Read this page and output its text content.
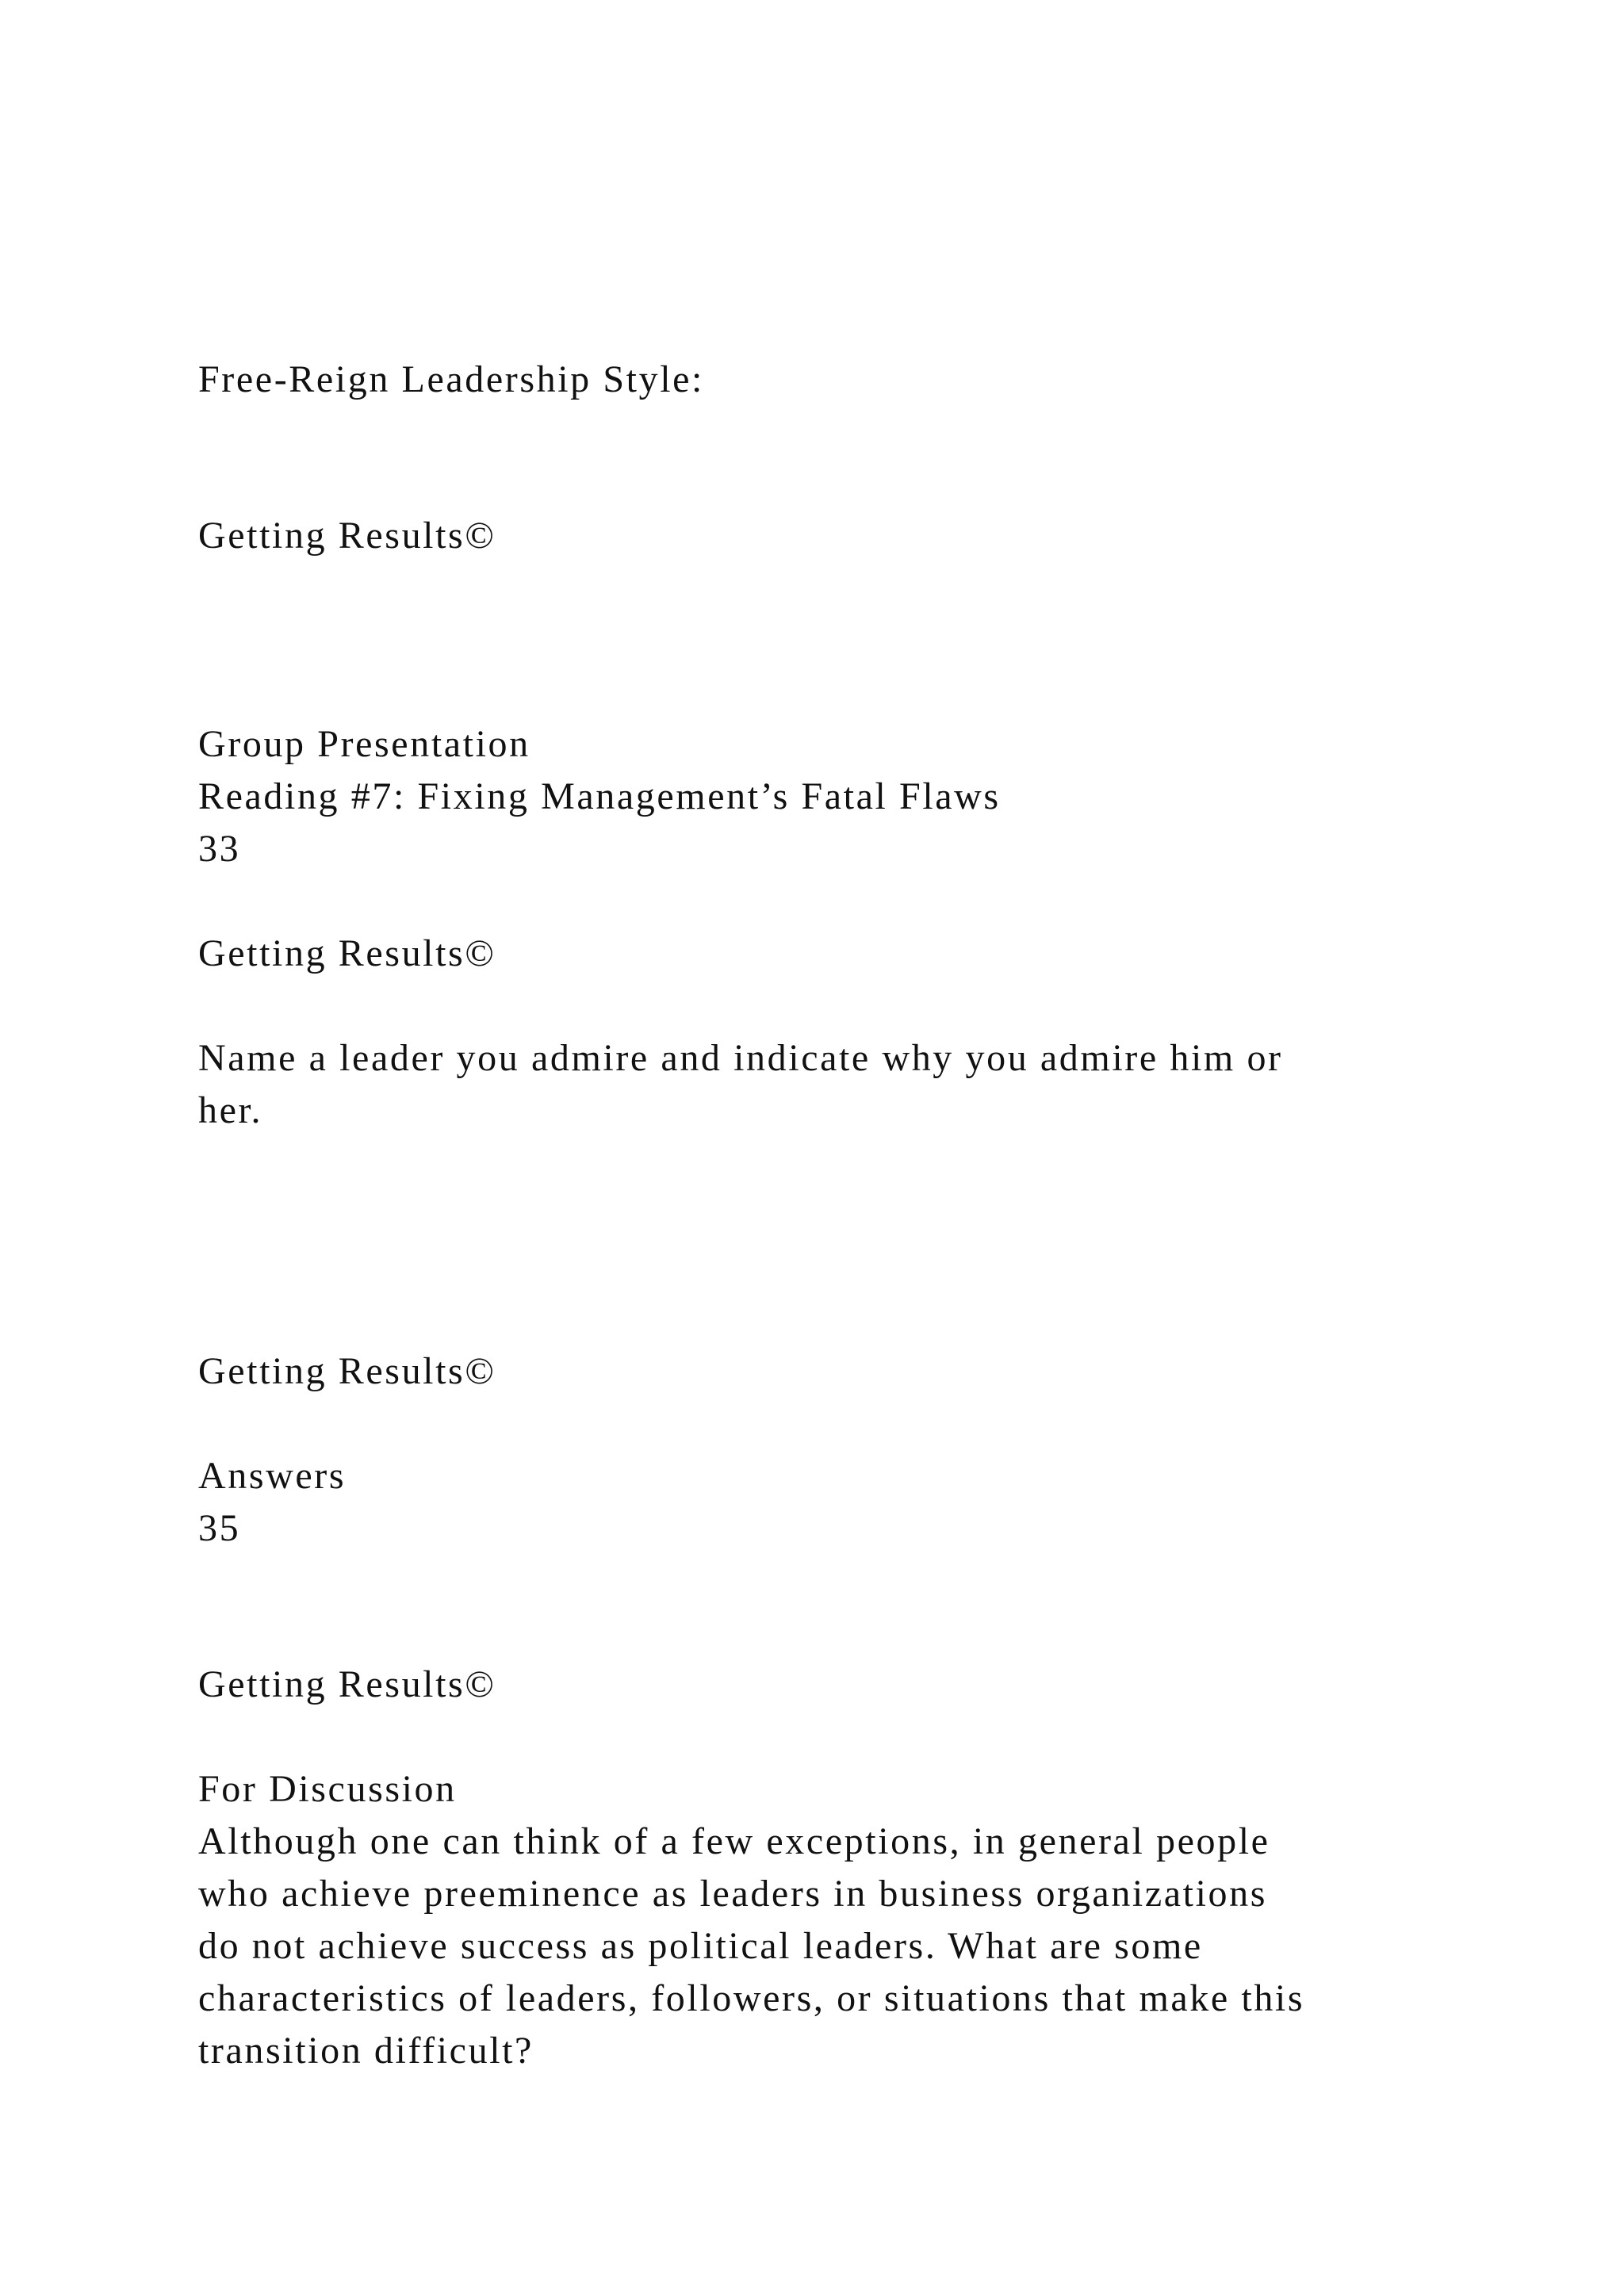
Free-Reign Leadership Style:

Getting Results©

Group Presentation

Reading #7: Fixing Management’s Fatal Flaws

33

Getting Results©

Name a leader you admire and indicate why you admire him or

her.

Getting Results©

Answers

35

Getting Results©

For Discussion

Although one can think of a few exceptions, in general people

who achieve preeminence as leaders in business organizations

do not achieve success as political leaders. What are some

characteristics of leaders, followers, or situations that make this

transition difficult?
